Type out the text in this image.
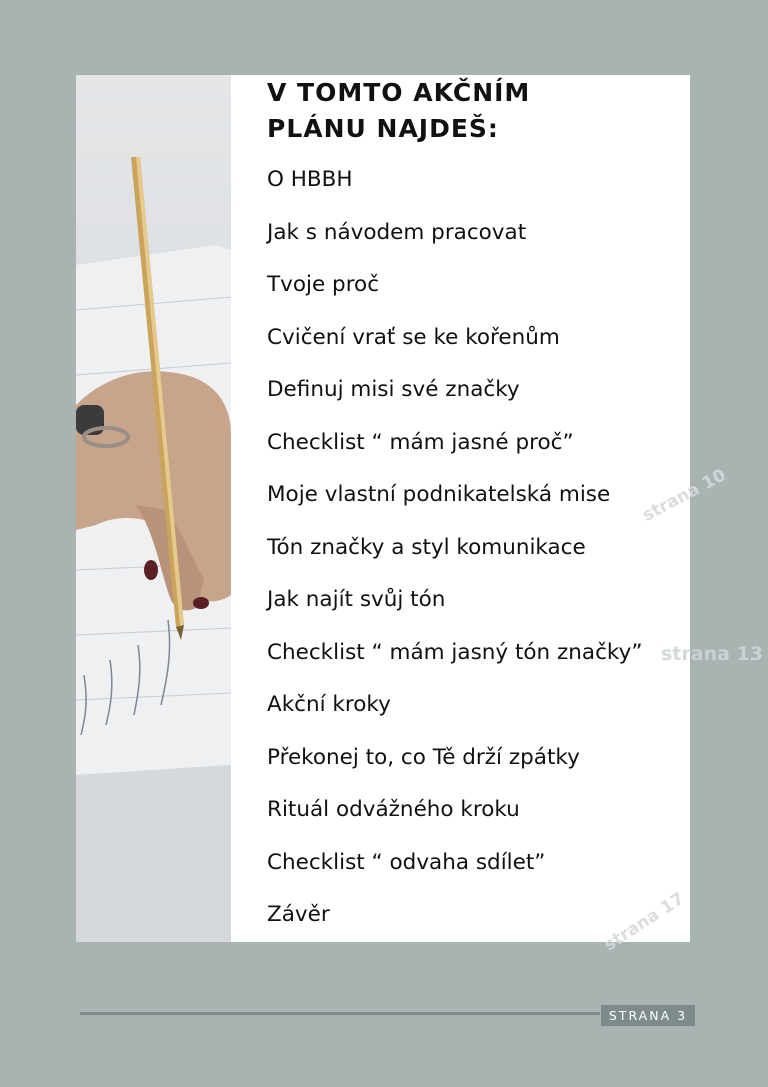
V TOMTO AKČNÍM
PLÁNU NAJDEŠ:
O HBBH
Jak s návodem pracovat
Tvoje proč
Cvičení vrať se ke kořenům
Definuj misi své značky
Checklist “ mám jasné proč”
Moje vlastní podnikatelská mise
Tón značky a styl komunikace
Jak najít svůj tón
Checklist “ mám jasný tón značky”
Akční kroky
Překonej to, co Tě drží zpátky
Rituál odvážného kroku
Checklist “ odvaha sdílet”
Závěr
strana 10
strana 17
strana 13
STRANA 3
